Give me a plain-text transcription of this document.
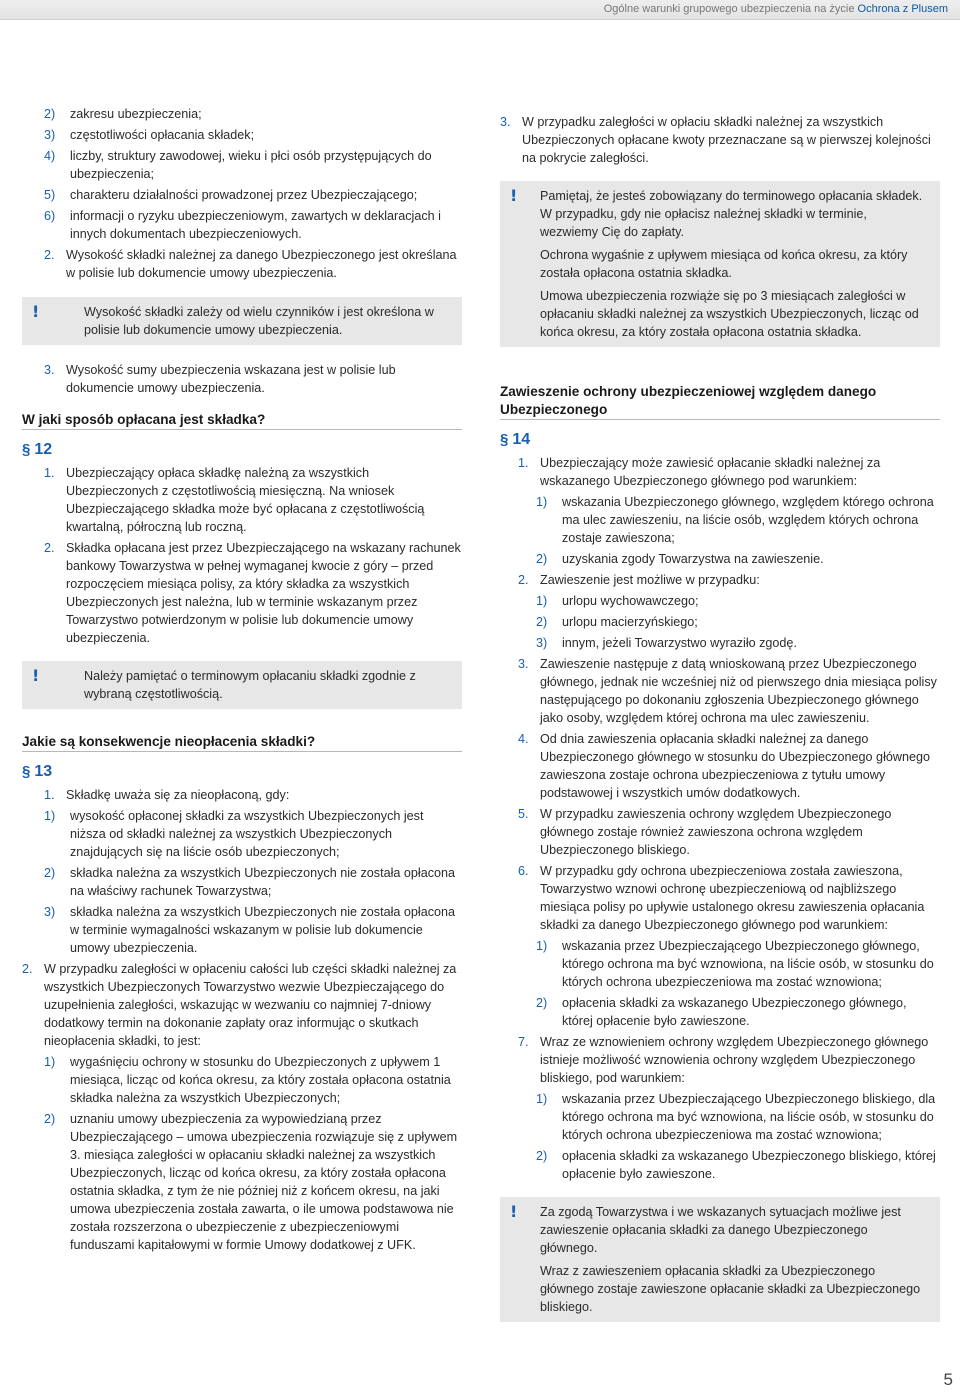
Ogólne warunki grupowego ubezpieczenia na życie Ochrona z Plusem
2)	zakresu ubezpieczenia;
3)	częstotliwości opłacania składek;
4)	liczby, struktury zawodowej, wieku i płci osób przystępujących do ubezpieczenia;
5)	charakteru działalności prowadzonej przez Ubezpieczającego;
6)	informacji o ryzyku ubezpieczeniowym, zawartych w deklaracjach i innych dokumentach ubezpieczeniowych.
2. Wysokość składki należnej za danego Ubezpieczonego jest określana w polisie lub dokumencie umowy ubezpieczenia.
!	Wysokość składki zależy od wielu czynników i jest określona w polisie lub dokumencie umowy ubezpieczenia.

3. Wysokość sumy ubezpieczenia wskazana jest w polisie lub dokumencie umowy ubezpieczenia.
W jaki sposób opłacana jest składka?
§ 12
1. Ubezpieczający opłaca składkę należną za wszystkich Ubezpieczonych z częstotliwością miesięczną. Na wniosek Ubezpieczającego składka może być opłacana z częstotliwością kwartalną, półroczną lub roczną.
2. Składka opłacana jest przez Ubezpieczającego na wskazany rachunek bankowy Towarzystwa w pełnej wymaganej kwocie z góry – przed rozpoczęciem miesiąca polisy, za który składka za wszystkich Ubezpieczonych jest należna, lub w terminie wskazanym przez Towarzystwo potwierdzonym w polisie lub dokumencie umowy ubezpieczenia.
!	Należy pamiętać o terminowym opłacaniu składki zgodnie z wybraną częstotliwością.

Jakie są konsekwencje nieopłacenia składki?
§ 13
1. Składkę uważa się za nieopłaconą, gdy:
1)	wysokość opłaconej składki za wszystkich Ubezpieczonych jest niższa od składki należnej za wszystkich Ubezpieczonych znajdujących się na liście osób ubezpieczonych;
2)	składka należna za wszystkich Ubezpieczonych nie została opłacona na właściwy rachunek Towarzystwa;
3)	składka należna za wszystkich Ubezpieczonych nie została opłacona w terminie wymagalności wskazanym w polisie lub dokumencie umowy ubezpieczenia.
2. W przypadku zaległości w opłaceniu całości lub części składki należnej za wszystkich Ubezpieczonych Towarzystwo wezwie Ubezpieczającego do uzupełnienia zaległości, wskazując w wezwaniu co najmniej 7-dniowy dodatkowy termin na dokonanie zapłaty oraz informując o skutkach nieopłacenia składki, to jest:
1)	wygaśnięciu ochrony w stosunku do Ubezpieczonych z upływem 1 miesiąca, licząc od końca okresu, za który została opłacona ostatnia składka należna za wszystkich Ubezpieczonych;
2)	uznaniu umowy ubezpieczenia za wypowiedzianą przez Ubezpieczającego – umowa ubezpieczenia rozwiązuje się z upływem 3. miesiąca zaległości w opłacaniu składki należnej za wszystkich Ubezpieczonych, licząc od końca okresu, za który została opłacona ostatnia składka, z tym że nie później niż z końcem okresu, na jaki umowa ubezpieczenia została zawarta, o ile umowa podstawowa nie została rozszerzona o ubezpieczenie z ubezpieczeniowymi funduszami kapitałowymi w formie Umowy dodatkowej z UFK.
3. W przypadku zaległości w opłaciu składki należnej za wszystkich Ubezpieczonych opłacane kwoty przeznaczane są w pierwszej kolejności na pokrycie zaległości.
! Pamiętaj, że jesteś zobowiązany do terminowego opłacania składek. W przypadku, gdy nie opłacisz należnej składki w terminie, wezwiemy Cię do zapłaty.

Ochrona wygaśnie z upływem miesiąca od końca okresu, za który została opłacona ostatnia składka.

Umowa ubezpieczenia rozwiąże się po 3 miesiącach zaległości w opłacaniu składki należnej za wszystkich Ubezpieczonych, licząc od końca okresu, za który została opłacona ostatnia składka.

Zawieszenie ochrony ubezpieczeniowej względem danego Ubezpieczonego
§ 14
1. Ubezpieczający może zawiesić opłacanie składki należnej za wskazanego Ubezpieczonego głównego pod warunkiem:
1)	wskazania Ubezpieczonego głównego, względem którego ochrona ma ulec zawieszeniu, na liście osób, względem których ochrona zostaje zawieszona;
2)	uzyskania zgody Towarzystwa na zawieszenie.
2. Zawieszenie jest możliwe w przypadku:
1)	urlopu wychowawczego;
2)	urlopu macierzyńskiego;
3)	innym, jeżeli Towarzystwo wyraziło zgodę.
3. Zawieszenie następuje z datą wnioskowaną przez Ubezpieczonego głównego, jednak nie wcześniej niż od pierwszego dnia miesiąca polisy następującego po dokonaniu zgłoszenia Ubezpieczonego głównego jako osoby, względem której ochrona ma ulec zawieszeniu.
4. Od dnia zawieszenia opłacania składki należnej za danego Ubezpieczonego głównego w stosunku do Ubezpieczonego głównego zawieszona zostaje ochrona ubezpieczeniowa z tytułu umowy podstawowej i wszystkich umów dodatkowych.
5. W przypadku zawieszenia ochrony względem Ubezpieczonego głównego zostaje również zawieszona ochrona względem Ubezpieczonego bliskiego.
6. W przypadku gdy ochrona ubezpieczeniowa została zawieszona, Towarzystwo wznowi ochronę ubezpieczeniową od najbliższego miesiąca polisy po upływie ustalonego okresu zawieszenia opłacania składki za danego Ubezpieczonego głównego pod warunkiem:
1)	wskazania przez Ubezpieczającego Ubezpieczonego głównego, którego ochrona ma być wznowiona, na liście osób, w stosunku do których ochrona ubezpieczeniowa ma zostać wznowiona;
2)	opłacenia składki za wskazanego Ubezpieczonego głównego, której opłacenie było zawieszone.
7. Wraz ze wznowieniem ochrony względem Ubezpieczonego głównego istnieje możliwość wznowienia ochrony względem Ubezpieczonego bliskiego, pod warunkiem:
1)	wskazania przez Ubezpieczającego Ubezpieczonego bliskiego, dla którego ochrona ma być wznowiona, na liście osób, w stosunku do których ochrona ubezpieczeniowa ma zostać wznowiona;
2)	opłacenia składki za wskazanego Ubezpieczonego bliskiego, której opłacenie było zawieszone.
! Za zgodą Towarzystwa i we wskazanych sytuacjach możliwe jest zawieszenie opłacania składki za danego Ubezpieczonego głównego.

Wraz z zawieszeniem opłacania składki za Ubezpieczonego głównego zostaje zawieszone opłacanie składki za Ubezpieczonego bliskiego.

5
